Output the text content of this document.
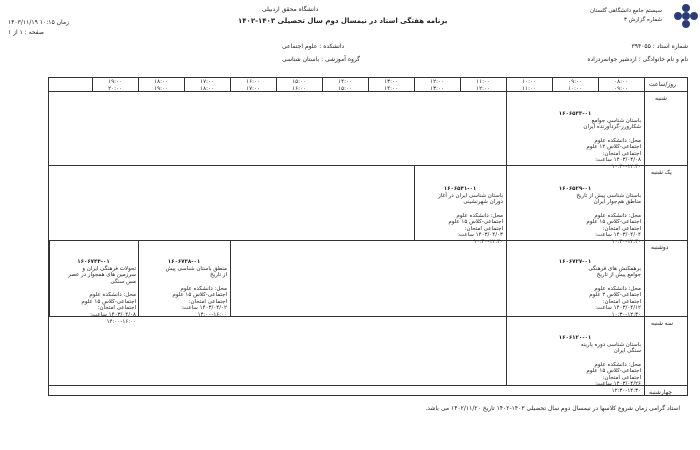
سیستم جامع دانشگاهی گلستان
شماره گزارش ۳
دانشگاه محقق اردبیلی
برنامه هفتگی استاد در نیمسال دوم سال تحصیلی ۱۴۰۳-۱۴۰۲
زمان ۱۰:۱۵ ۱۴۰۳/۱۱/۱۹
صفحه : ۱ از ۱
شماره استاد : ۳۹۴۰۵۵
نام و نام خانوادگی : اردشیر جوانمردزاده
دانشکده : علوم اجتماعی
گروه آموزشی : باستان شناسی
۰۸:۰۰
۰۹:۰۰
۰۹:۰۰
۱۰:۰۰
۱۰:۰۰
۱۱:۰۰
۱۱:۰۰
۱۲:۰۰
۱۲:۰۰
۱۳:۰۰
۱۳:۰۰
۱۴:۰۰
۱۴:۰۰
۱۵:۰۰
۱۵:۰۰
۱۶:۰۰
۱۶:۰۰
۱۷:۰۰
۱۷:۰۰
۱۸:۰۰
۱۸:۰۰
۱۹:۰۰
۱۹:۰۰
۲۰:۰۰
روز/ساعت
شنبه
یک شنبه
دوشنبه
سه شنبه
چهارشنبه

۱۶۰۶۵۳۳-۰۱
باستان شناسی جوامع
شکارورز-گردآورنده ایران

محل: دانشکده علوم
اجتماعی-کلاس ۱۲ علوم
اجتماعی امتحان:
۱۴۰۳/۰۴/۰۸ ساعت:
۱۰:۳۰-۱۲:۳۰

۱۶۰۶۵۲۹-۰۱
باستان شناسی پیش از تاریخ
مناطق هم‌جوار ایران

محل: دانشکده علوم
اجتماعی-کلاس ۱۵ علوم
اجتماعی امتحان:
۱۴۰۳/۰۴/۰۴ ساعت:
۱۰:۳۰-۱۲:۳۰

۱۶۰۶۵۴۱-۰۱
باستان شناسی ایران در آغاز
دوران شهرنشینی

محل: دانشکده علوم
اجتماعی-کلاس ۱۵ علوم
اجتماعی امتحان:
۱۴۰۳/۰۴/۰۳ ساعت:
۱۰:۳۰-۱۲:۳۰

۱۶۰۶۷۲۷-۰۱
برهمکنش های فرهنگی
جوامع پیش از تاریخ

محل: دانشکده علوم
اجتماعی-کلاس ۲ علوم
اجتماعی امتحان:
۱۴۰۳/۰۴/۱۲ ساعت:
۱۰:۳۰-۱۲:۳۰

۱۶۰۶۷۳۸-۰۱
منطق باستان شناسی پیش
از تاریخ

محل: دانشکده علوم
اجتماعی-کلاس ۱۵ علوم
اجتماعی امتحان:
۱۴۰۳/۰۴/۰۲ ساعت:
۱۴:۰۰-۱۶:۰۰

۱۶۰۶۷۴۴-۰۱
تحولات فرهنگی ایران و
سرزمین های همجوار در عصر
مس سنگی

محل: دانشکده علوم
اجتماعی-کلاس ۱۵ علوم
اجتماعی امتحان:
۱۴۰۳/۰۴/۰۸ ساعت:
۱۴:۰۰-۱۶:۰۰

۱۶۰۶۱۲۰-۰۱
باستان شناسی دوره پارینه
سنگی ایران

محل: دانشکده علوم
اجتماعی-کلاس ۱۵ علوم
اجتماعی امتحان:
۱۴۰۳/۰۴/۲۶ ساعت:
۱۲:۳۰-۱۴:۳۰
استاد گرامی زمان شروع کلاسها در نیمسال دوم سال تحصیلی ۱۴۰۳-۱۴۰۲ تاریخ ۱۴۰۲/۱۱/۲۰ می باشد.
